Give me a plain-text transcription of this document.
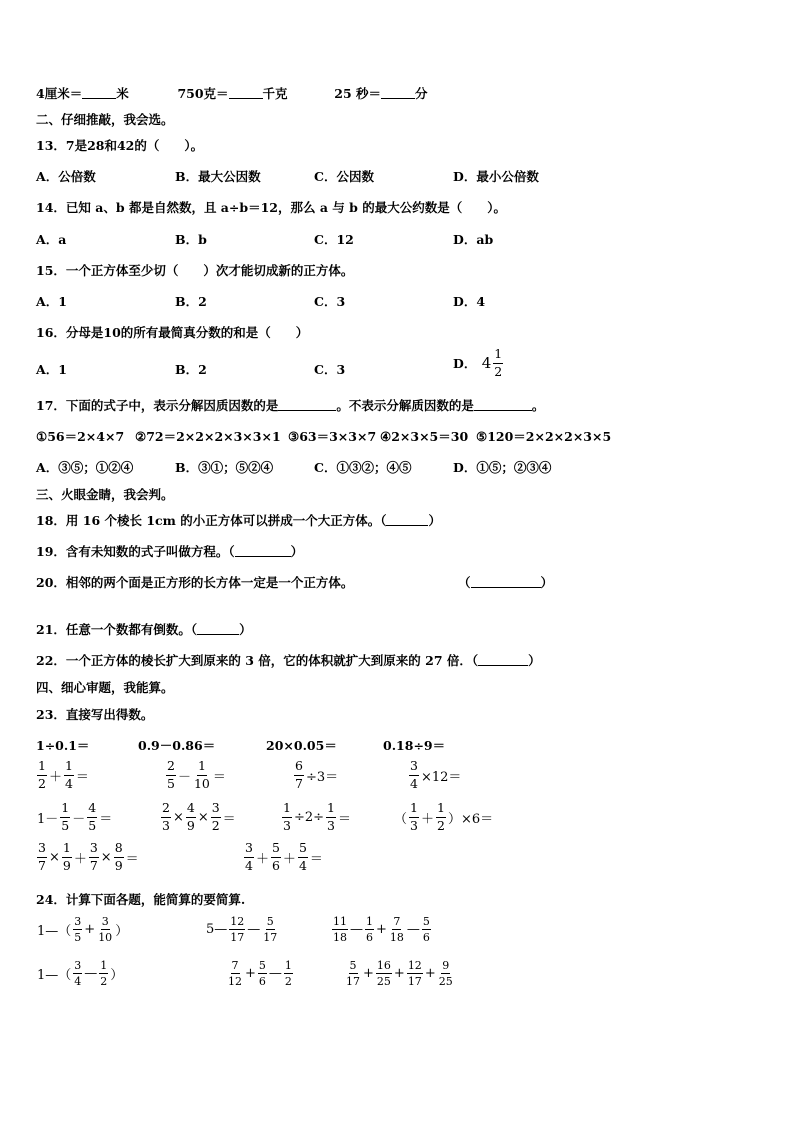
4厘米＝	米	750克＝	千克	25 秒＝	分
二、仔细推敲，我会选。
13．7是28和42的（　　）。
A．公倍数	B．最大公因数	C．公因数	D．最小公倍数
14．已知 a、b 都是自然数，且 a÷b＝12，那么 a 与 b 的最大公约数是（　　）。
A．a	B．b	C．12	D．ab
15．一个正方体至少切（　　）次才能切成新的正方体。
A．1	B．2	C．3	D．4
16．分母是10的所有最简真分数的和是（　　）
A．1	B．2	C．3	D． $4 \frac{1}{2}$
17．下面的式子中，表示分解因质因数的是	。不表示分解质因数的是	。
①56＝2×4×7 ②72＝2×2×2×3×3×1 ③63＝3×3×7 ④2×3×5＝30 ⑤120＝2×2×2×3×5
A．③⑤；①②④	B．③①；⑤②④	C．①③②；④⑤	D．①⑤；②③④
三、火眼金睛，我会判。
18．用 16 个棱长 1cm 的小正方体可以拼成一个大正方体。（	）
19．含有未知数的式子叫做方程。（	）
20．相邻的两个面是正方形的长方体一定是一个正方体。	（	）
21．任意一个数都有倒数。（	）
22．一个正方体的棱长扩大到原来的 3 倍，它的体积就扩大到原来的 27 倍．（	）
四、细心审题，我能算。
23．直接写出得数。
1÷0.1＝	0.9－0.86＝	20×0.05＝	0.18÷9＝
$\frac{1}{2} + \frac{1}{4}$ ＝	$\frac{2}{5} - \frac{1}{10}$ ＝	$\frac{6}{7} \div 3=$	$\frac{3}{4} \times 12=$
$1- \frac{1}{5} - \frac{4}{5}$ ＝	$\frac{2}{3} \times \frac{4}{9} \times \frac{3}{2}$ ＝	$\frac{1}{3} \div 2\div \frac{1}{3}$ ＝	（ $\frac{1}{3} + \frac{1}{2} )\times 6=$
$\frac{3}{7} \times \frac{1}{9} + \frac{3}{7} \times \frac{8}{9}$ ＝	$\frac{3}{4} + \frac{5}{6} + \frac{5}{4}$ ＝
24．计算下面各题，能简算的要简算.
1—（ $\frac{3}{5} + \frac{3}{10}$ ）	5— $\frac{12}{17}$ — $\frac{5}{17}$	$\frac{11}{18}$ — $\frac{1}{6} + \frac{7}{18}$ — $\frac{5}{6}$
1—（ $\frac{3}{4}$ — $\frac{1}{2}$ ）	$\frac{7}{12} + \frac{5}{6}$ — $\frac{1}{2}$	$\frac{5}{17} + \frac{16}{25} + \frac{12}{17} + \frac{9}{25}$
